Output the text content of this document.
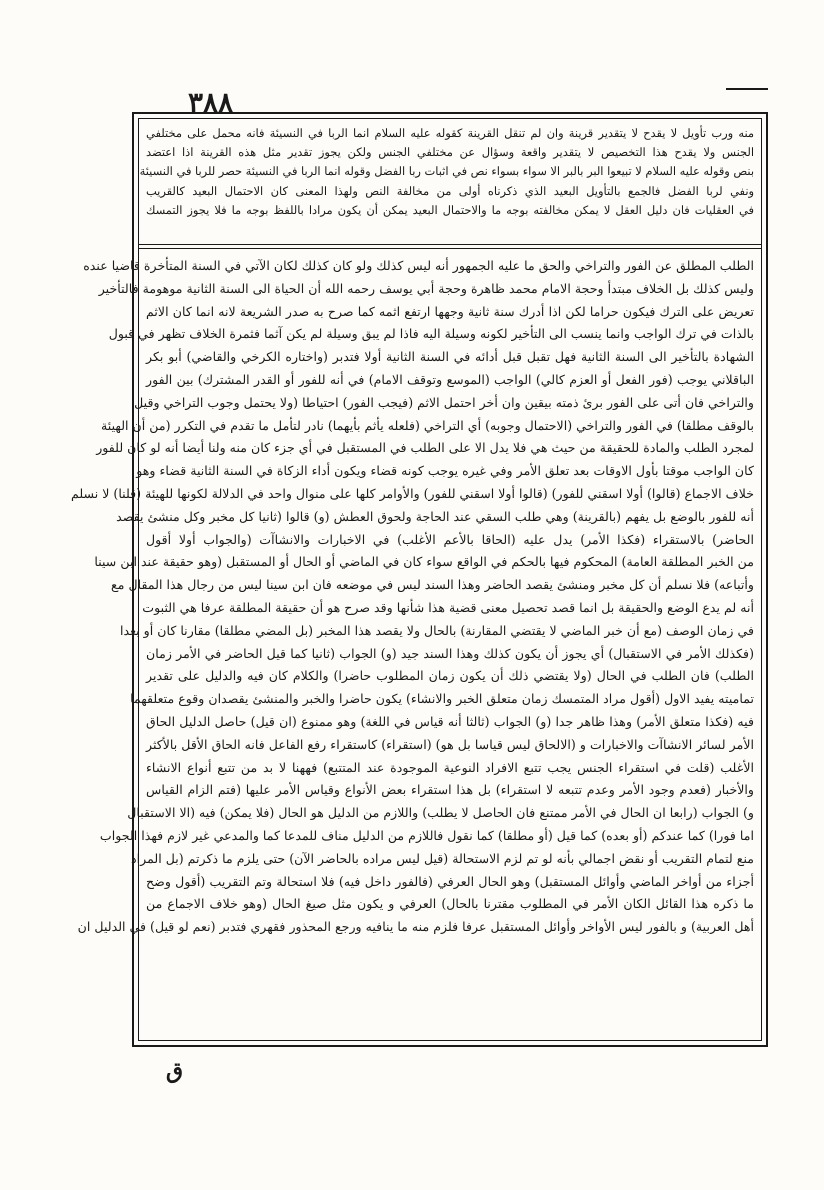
٣٨٨

منه ورب تأويل لا يقدح لا يتقدير قرينة وان لم تنقل القرينة كقوله عليه السلام انما الربا في النسيئة فانه محمل على مختلفي

الجنس ولا يقدح هذا التخصيص لا يتقدير واقعة وسؤال عن مختلفي الجنس ولكن يجوز تقدير مثل هذه القرينة اذا اعتضد

بنص وقوله عليه السلام لا تبيعوا البر بالبر الا سواء بسواء نص في اثبات ربا الفضل وقوله انما الربا في النسيئة حصر للربا في النسيئة

ونفي لربا الفضل فالجمع بالتأويل البعيد الذي ذكرناه أولى من مخالفة النص ولهذا المعنى كان الاحتمال البعيد كالقريب

في العقليات فان دليل العقل لا يمكن مخالفته بوجه ما والاحتمال البعيد يمكن أن يكون مرادا باللفظ بوجه ما فلا يجوز التمسك

الطلب المطلق عن الفور والتراخي والحق ما عليه الجمهور أنه ليس كذلك ولو كان كذلك لكان الآتي في السنة المتأخرة قاضيا عنده

وليس كذلك بل الخلاف مبتدأ وحجة الامام محمد ظاهرة وحجة أبي يوسف رحمه الله أن الحياة الى السنة الثانية موهومة فالتأخير

تعريض على الترك فيكون حراما لكن اذا أدرك سنة ثانية وجهها ارتفع اثمه كما صرح به صدر الشريعة لانه انما كان الاثم

بالذات في ترك الواجب وانما ينسب الى التأخير لكونه وسيلة اليه فاذا لم يبق وسيلة لم يكن آثما فثمرة الخلاف تظهر في قبول

الشهادة بالتأخير الى السنة الثانية فهل تقبل قبل أدائه في السنة الثانية أولا فتدبر (واختاره الكرخي والقاضي) أبو بكر

الباقلاني يوجب (فور الفعل أو العزم كالي) الواجب (الموسع وتوقف الامام) في أنه للفور أو القدر المشترك) بين الفور

والتراخي فان أتى على الفور برئ ذمته بيقين وان أخر احتمل الاثم (فيجب الفور) احتياطا (ولا يحتمل وجوب التراخي وقيل

بالوقف مطلقا) في الفور والتراخي (الاحتمال وجوبه) أي التراخي (فلعله يأثم بأيهما) نادر لتأمل ما تقدم في التكرر (من أن الهيئة

لمجرد الطلب والمادة للحقيقة من حيث هي فلا يدل الا على الطلب في المستقبل في أي جزء كان منه ولنا أيضا أنه لو كان للفور

كان الواجب موقتا بأول الاوقات بعد تعلق الأمر وفي غيره يوجب كونه قضاء ويكون أداء الزكاة في السنة الثانية قضاء وهو

خلاف الاجماع (قالوا) أولا اسقني للفور) (قالوا أولا اسقني للفور) والأوامر كلها على منوال واحد في الدلالة لكونها للهيئة (قلنا) لا نسلم

أنه للفور بالوضع بل يفهم (بالقرينة) وهي طلب السقي عند الحاجة ولحوق العطش (و) قالوا (ثانيا كل مخبر وكل منشئ يقصد

الحاضر) بالاستقراء (فكذا الأمر) يدل عليه (الحاقا بالأعم الأغلب) في الاخبارات والانشاآت (والجواب أولا أقول

من الخبر المطلقة العامة) المحكوم فيها بالحكم في الواقع سواء كان في الماضي أو الحال أو المستقبل (وهو حقيقة عند ابن سينا

وأتباعه) فلا نسلم أن كل مخبر ومنشئ يقصد الحاضر وهذا السند ليس في موضعه فان ابن سينا ليس من رجال هذا المقال مع

أنه لم يدع الوضع والحقيقة بل انما قصد تحصيل معنى قضية هذا شأنها وقد صرح هو أن حقيقة المطلقة عرفا هي الثبوت

في زمان الوصف (مع أن خبر الماضي لا يقتضي المقارنة) بالحال ولا يقصد هذا المخبر (بل المضي مطلقا) مقارنا كان أو بعدا

(فكذلك الأمر في الاستقبال) أي يجوز أن يكون كذلك وهذا السند جيد (و) الجواب (ثانيا كما قيل الحاضر في الأمر زمان

الطلب) فان الطلب في الحال (ولا يقتضي ذلك أن يكون زمان المطلوب حاضرا) والكلام كان فيه والدليل على تقدير

تماميته يفيد الاول (أقول مراد المتمسك زمان متعلق الخبر والانشاء) يكون حاضرا والخبر والمنشئ يقصدان وقوع متعلقهما

فيه (فكذا متعلق الأمر) وهذا ظاهر جدا (و) الجواب (ثالثا أنه قياس في اللغة) وهو ممنوع (ان قيل) حاصل الدليل الحاق

الأمر لسائر الانشاآت والاخبارات و (الالحاق ليس قياسا بل هو) (استقراء) كاستقراء رفع الفاعل فانه الحاق الأقل بالأكثر

الأغلب (قلت في استقراء الجنس يجب تتبع الافراد النوعية الموجودة عند المتتبع) فههنا لا بد من تتبع أنواع الانشاء

والأخبار (فعدم وجود الأمر وعدم تتبعه لا استقراء) بل هذا استقراء بعض الأنواع وقياس الأمر عليها (فتم الزام القياس

و) الجواب (رابعا ان الحال في الأمر ممتنع فان الحاصل لا يطلب) واللازم من الدليل هو الحال (فلا يمكن) فيه (الا الاستقبال

اما فورا) كما عندكم (أو بعده) كما قيل (أو مطلقا) كما نقول فاللازم من الدليل مناف للمدعا كما والمدعي غير لازم فهذا الجواب

منع لتمام التقريب أو نقض اجمالي بأنه لو تم لزم الاستحالة (قيل ليس مراده بالحاضر الآن) حتى يلزم ما ذكرتم (بل المراد

أجزاء من أواخر الماضي وأوائل المستقبل) وهو الحال العرفي (فالفور داخل فيه) فلا استحالة وتم التقريب (أقول وضح

ما ذكره هذا القائل الكان الأمر في المطلوب مقترنا بالحال) العرفي و يكون مثل صيغ الحال (وهو خلاف الاجماع من

أهل العربية) و بالفور ليس الأواخر وأوائل المستقبل عرفا فلزم منه ما ينافيه ورجع المحذور فقهري فتدبر (نعم لو قيل) في الدليل ان

ق
